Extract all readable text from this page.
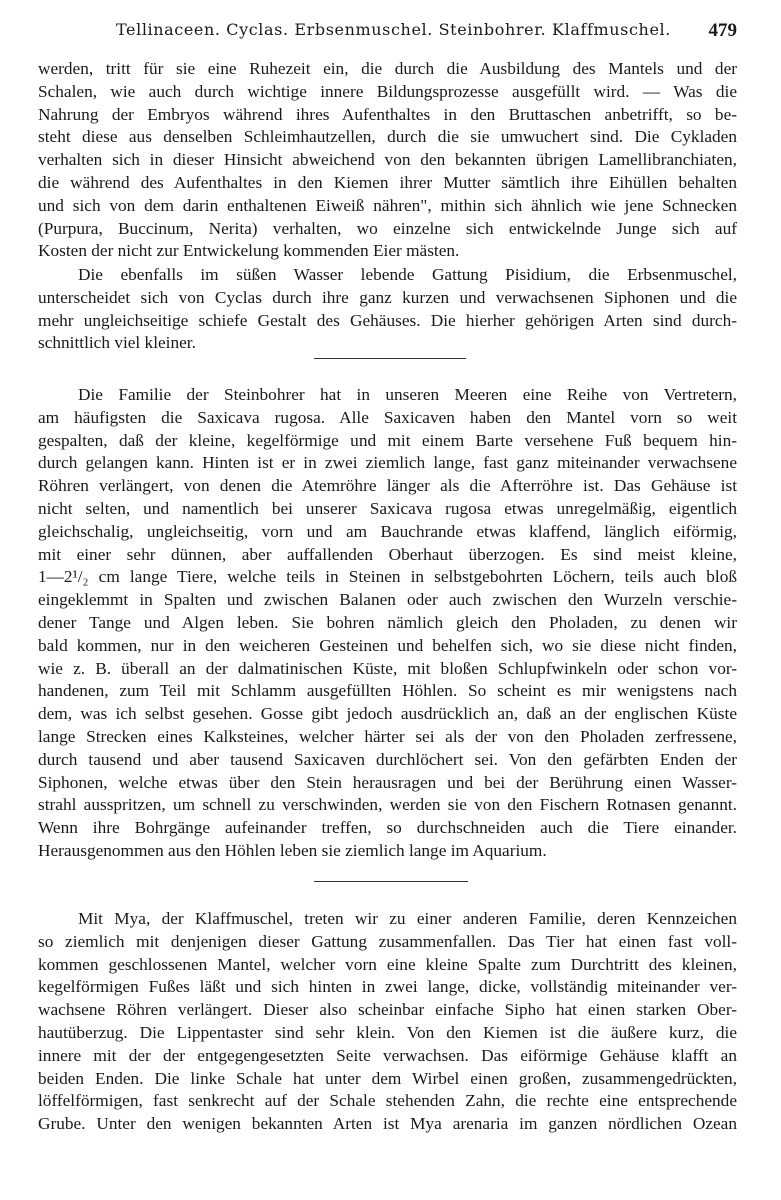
Tellinaceen. Cyclas. Erbsenmuschel. Steinbohrer. Klaffmuschel. 479
werden, tritt für sie eine Ruhezeit ein, die durch die Ausbildung des Mantels und der
Schalen, wie auch durch wichtige innere Bildungsprozesse ausgefüllt wird. — Was die
Nahrung der Embryos während ihres Aufenthaltes in den Bruttaschen anbetrifft, so be-
steht diese aus denselben Schleimhautzellen, durch die sie umwuchert sind. Die Cykladen
verhalten sich in dieser Hinsicht abweichend von den bekannten übrigen Lamellibranchiaten,
die während des Aufenthaltes in den Kiemen ihrer Mutter sämtlich ihre Eihüllen behalten
und sich von dem darin enthaltenen Eiweiß nähren", mithin sich ähnlich wie jene Schnecken
(Purpura, Buccinum, Nerita) verhalten, wo einzelne sich entwickelnde Junge sich auf
Kosten der nicht zur Entwickelung kommenden Eier mästen.
Die ebenfalls im süßen Wasser lebende Gattung Pisidium, die Erbsenmuschel,
unterscheidet sich von Cyclas durch ihre ganz kurzen und verwachsenen Siphonen und die
mehr ungleichseitige schiefe Gestalt des Gehäuses. Die hierher gehörigen Arten sind durch-
schnittlich viel kleiner.
Die Familie der Steinbohrer hat in unseren Meeren eine Reihe von Vertretern,
am häufigsten die Saxicava rugosa. Alle Saxicaven haben den Mantel vorn so weit
gespalten, daß der kleine, kegelförmige und mit einem Barte versehene Fuß bequem hin-
durch gelangen kann. Hinten ist er in zwei ziemlich lange, fast ganz miteinander verwachsene
Röhren verlängert, von denen die Atemröhre länger als die Afterröhre ist. Das Gehäuse ist
nicht selten, und namentlich bei unserer Saxicava rugosa etwas unregelmäßig, eigentlich
gleichschalig, ungleichseitig, vorn und am Bauchrande etwas klaffend, länglich eiförmig,
mit einer sehr dünnen, aber auffallenden Oberhaut überzogen. Es sind meist kleine,
1—2¹/₂ cm lange Tiere, welche teils in Steinen in selbstgebohrten Löchern, teils auch bloß
eingeklemmt in Spalten und zwischen Balanen oder auch zwischen den Wurzeln verschie-
dener Tange und Algen leben. Sie bohren nämlich gleich den Pholaden, zu denen wir
bald kommen, nur in den weicheren Gesteinen und behelfen sich, wo sie diese nicht finden,
wie z. B. überall an der dalmatinischen Küste, mit bloßen Schlupfwinkeln oder schon vor-
handenen, zum Teil mit Schlamm ausgefüllten Höhlen. So scheint es mir wenigstens nach
dem, was ich selbst gesehen. Gosse gibt jedoch ausdrücklich an, daß an der englischen Küste
lange Strecken eines Kalksteines, welcher härter sei als der von den Pholaden zerfressene,
durch tausend und aber tausend Saxicaven durchlöchert sei. Von den gefärbten Enden der
Siphonen, welche etwas über den Stein herausragen und bei der Berührung einen Wasser-
strahl ausspritzen, um schnell zu verschwinden, werden sie von den Fischern Rotnasen genannt.
Wenn ihre Bohrgänge aufeinander treffen, so durchschneiden auch die Tiere einander.
Herausgenommen aus den Höhlen leben sie ziemlich lange im Aquarium.
Mit Mya, der Klaffmuschel, treten wir zu einer anderen Familie, deren Kennzeichen
so ziemlich mit denjenigen dieser Gattung zusammenfallen. Das Tier hat einen fast voll-
kommen geschlossenen Mantel, welcher vorn eine kleine Spalte zum Durchtritt des kleinen,
kegelförmigen Fußes läßt und sich hinten in zwei lange, dicke, vollständig miteinander ver-
wachsene Röhren verlängert. Dieser also scheinbar einfache Sipho hat einen starken Ober-
hautüberzug. Die Lippentaster sind sehr klein. Von den Kiemen ist die äußere kurz, die
innere mit der der entgegengesetzten Seite verwachsen. Das eiförmige Gehäuse klafft an
beiden Enden. Die linke Schale hat unter dem Wirbel einen großen, zusammengedrückten,
löffelförmigen, fast senkrecht auf der Schale stehenden Zahn, die rechte eine entsprechende
Grube. Unter den wenigen bekannten Arten ist Mya arenaria im ganzen nördlichen Ozean
